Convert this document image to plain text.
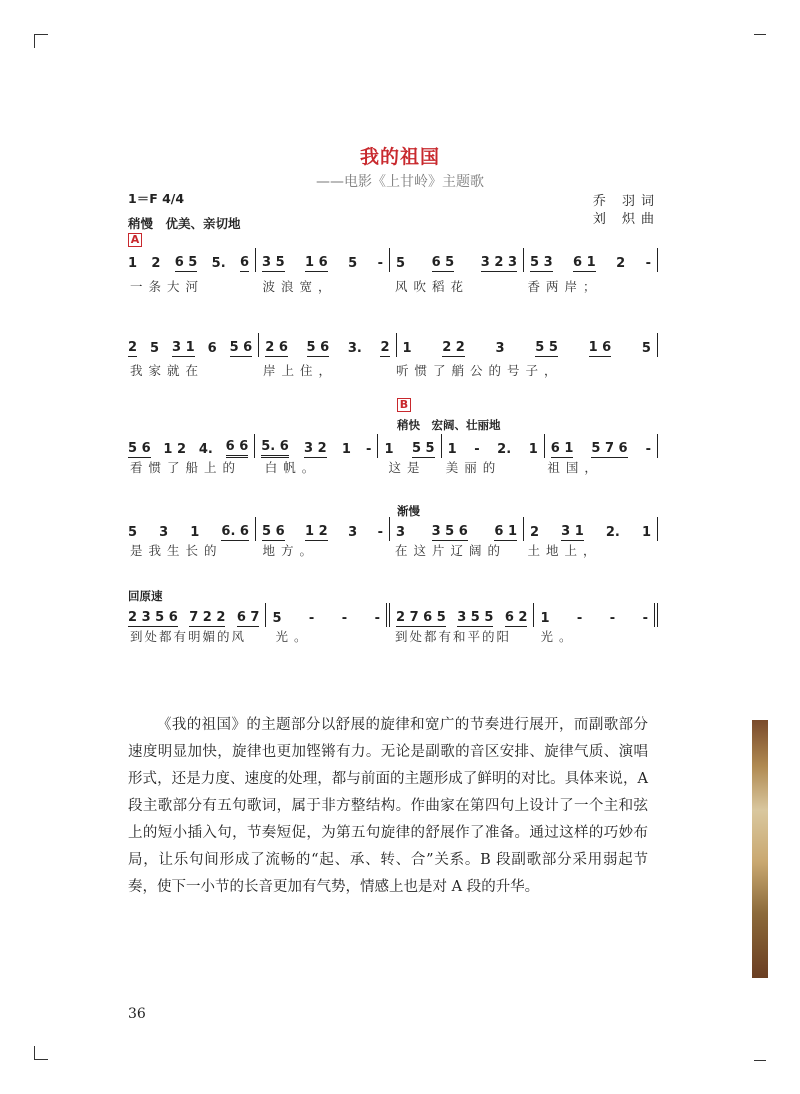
我的祖国
——电影《上甘岭》主题歌
1＝F 4/4
稍慢　优美、亲切地
乔 羽词
刘 炽曲
A
B
稍快　宏阔、壮丽地
渐慢
回原速
1 2 6 5 5. 6 3 5 1 6 5 - 5 6 5 3 2 3 5 3 6 1 2 -
一条大河	波浪宽，	风吹稻花	香两岸；
2 5 3 1 6 5 6 2 6 5 6 3. 2 1 2 2 3 5 5 1 6 5
我家就在	岸上住，	听惯了艄公的号子，
5 6 1 2 4. 6 6 5. 6 3 2 1 - 1 5 5 1 - 2. 1 6 1 5 7 6 -
看惯了船上的	白帆。	这是	美丽的	祖国，
5 3 1 6. 6 5 6 1 2 3 - 3 3 5 6 6 1 2 3 1 2. 1
是我生长的	地方。	在这片辽阔的	土地上，
2 3 5 6 7 2 2 6 7 5 - - - 2 7 6 5 3 5 5 6 2 1 - - -
到处都有明媚的风	光。	到处都有和平的阳	光。
《我的祖国》的主题部分以舒展的旋律和宽广的节奏进行展开，而副歌部分速度明显加快，旋律也更加铿锵有力。无论是副歌的音区安排、旋律气质、演唱形式，还是力度、速度的处理，都与前面的主题形成了鲜明的对比。具体来说，A 段主歌部分有五句歌词，属于非方整结构。作曲家在第四句上设计了一个主和弦上的短小插入句，节奏短促，为第五句旋律的舒展作了准备。通过这样的巧妙布局，让乐句间形成了流畅的“起、承、转、合”关系。B 段副歌部分采用弱起节奏，使下一小节的长音更加有气势，情感上也是对 A 段的升华。
36
